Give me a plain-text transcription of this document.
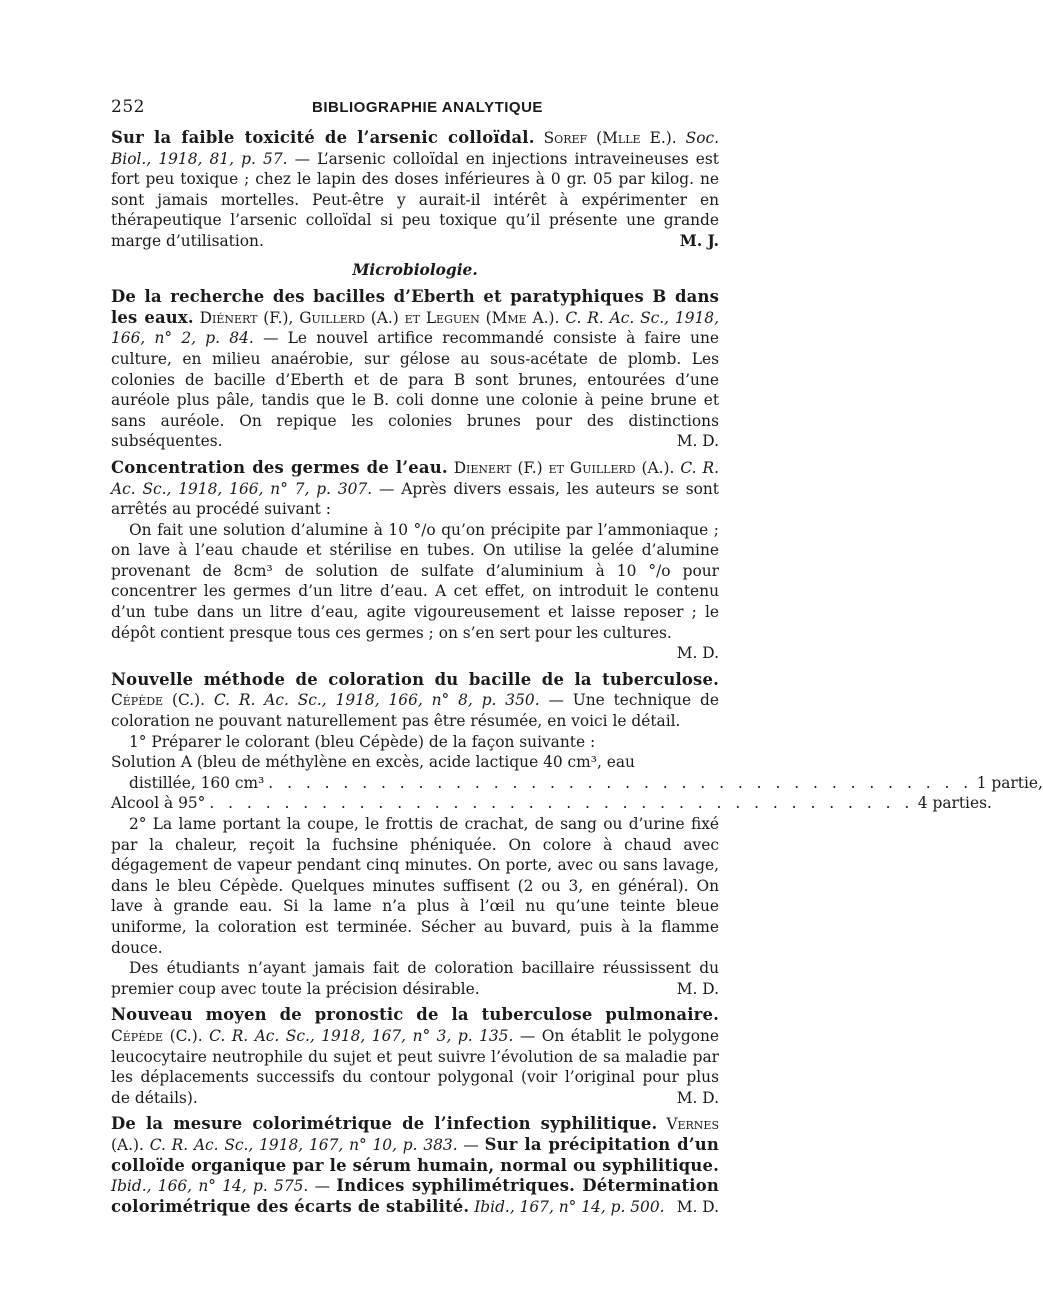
252	BIBLIOGRAPHIE ANALYTIQUE

Sur la faible toxicité de l’arsenic colloïdal. Soref (Mlle E.). Soc. Biol., 1918, 81, p. 57. — L’arsenic colloïdal en injections intraveineuses est fort peu toxique ; chez le lapin des doses inférieures à 0 gr. 05 par kilog. ne sont jamais mortelles. Peut-être y aurait-il intérêt à expérimenter en thérapeutique l’arsenic colloïdal si peu toxique qu’il présente une grande marge d’utilisation.	M. J.

Microbiologie.

De la recherche des bacilles d’Eberth et paratyphiques B dans les eaux. Diénert (F.), Guillerd (A.) et Leguen (Mme A.). C. R. Ac. Sc., 1918, 166, n° 2, p. 84. — Le nouvel artifice recommandé consiste à faire une culture, en milieu anaérobie, sur gélose au sous-acétate de plomb. Les colonies de bacille d’Eberth et de para B sont brunes, entourées d’une auréole plus pâle, tandis que le B. coli donne une colonie à peine brune et sans auréole. On repique les colonies brunes pour des distinctions subséquentes.	M. D.

Concentration des germes de l’eau. Dienert (F.) et Guillerd (A.). C. R. Ac. Sc., 1918, 166, n° 7, p. 307. — Après divers essais, les auteurs se sont arrêtés au procédé suivant :

On fait une solution d’alumine à 10 °/o qu’on précipite par l’ammoniaque ; on lave à l’eau chaude et stérilise en tubes. On utilise la gelée d’alumine provenant de 8cm³ de solution de sulfate d’aluminium à 10 °/o pour concentrer les germes d’un litre d’eau. A cet effet, on introduit le contenu d’un tube dans un litre d’eau, agite vigoureusement et laisse reposer ; le dépôt contient presque tous ces germes ; on s’en sert pour les cultures.
M. D.

Nouvelle méthode de coloration du bacille de la tuberculose. Cépède (C.). C. R. Ac. Sc., 1918, 166, n° 8, p. 350. — Une technique de coloration ne pouvant naturellement pas être résumée, en voici le détail.

1° Préparer le colorant (bleu Cépède) de la façon suivante :

Solution A (bleu de méthylène en excès, acide lactique 40 cm³, eau

distillée, 160 cm³ . . . . . . . . . . . . . . . . . . . . . . . . . . . . . . . . . . . . . . 1 partie,
Alcool à 95° . . . . . . . . . . . . . . . . . . . . . . . . . . . . . . . . . . . . . . 4 parties.

2° La lame portant la coupe, le frottis de crachat, de sang ou d’urine fixé par la chaleur, reçoit la fuchsine phéniquée. On colore à chaud avec dégagement de vapeur pendant cinq minutes. On porte, avec ou sans lavage, dans le bleu Cépède. Quelques minutes suffisent (2 ou 3, en général). On lave à grande eau. Si la lame n’a plus à l’œil nu qu’une teinte bleue uniforme, la coloration est terminée. Sécher au buvard, puis à la flamme douce.

Des étudiants n’ayant jamais fait de coloration bacillaire réussissent du premier coup avec toute la précision désirable.	M. D.

Nouveau moyen de pronostic de la tuberculose pulmonaire. Cépède (C.). C. R. Ac. Sc., 1918, 167, n° 3, p. 135. — On établit le polygone leucocytaire neutrophile du sujet et peut suivre l’évolution de sa maladie par les déplacements successifs du contour polygonal (voir l’original pour plus de détails).	M. D.

De la mesure colorimétrique de l’infection syphilitique. Vernes (A.). C. R. Ac. Sc., 1918, 167, n° 10, p. 383. — Sur la précipitation d’un colloïde organique par le sérum humain, normal ou syphilitique. Ibid., 166, n° 14, p. 575. — Indices syphilimétriques. Détermination colorimétrique des écarts de stabilité. Ibid., 167, n° 14, p. 500. M. D.
